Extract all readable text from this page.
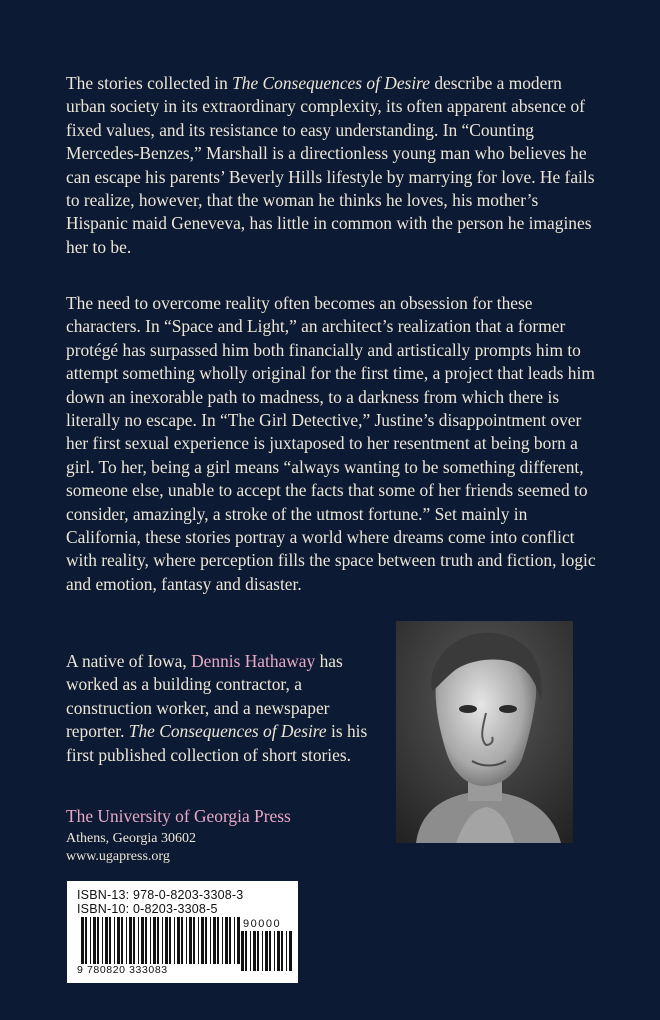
The stories collected in The Consequences of Desire describe a modern urban society in its extraordinary complexity, its often apparent absence of fixed values, and its resistance to easy understanding. In “Counting Mercedes-Benzes,” Marshall is a directionless young man who believes he can escape his parents’ Beverly Hills lifestyle by marrying for love. He fails to realize, however, that the woman he thinks he loves, his mother’s Hispanic maid Geneveva, has little in common with the person he imagines her to be.

The need to overcome reality often becomes an obsession for these characters. In “Space and Light,” an architect’s realization that a former protégé has surpassed him both financially and artistically prompts him to attempt something wholly original for the first time, a project that leads him down an inexorable path to madness, to a darkness from which there is literally no escape. In “The Girl Detective,” Justine’s disappointment over her first sexual experience is juxtaposed to her resentment at being born a girl. To her, being a girl means “always wanting to be something different, someone else, unable to accept the facts that some of her friends seemed to consider, amazingly, a stroke of the utmost fortune.” Set mainly in California, these stories portray a world where dreams come into conflict with reality, where perception fills the space between truth and fiction, logic and emotion, fantasy and disaster.

A native of Iowa, Dennis Hathaway has worked as a building contractor, a construction worker, and a newspaper reporter. The Consequences of Desire is his first published collection of short stories.

The University of Georgia Press

Athens, Georgia 30602

www.ugapress.org

ISBN-13: 978-0-8203-3308-3

ISBN-10: 0-8203-3308-5

90000
9 780820 333083
